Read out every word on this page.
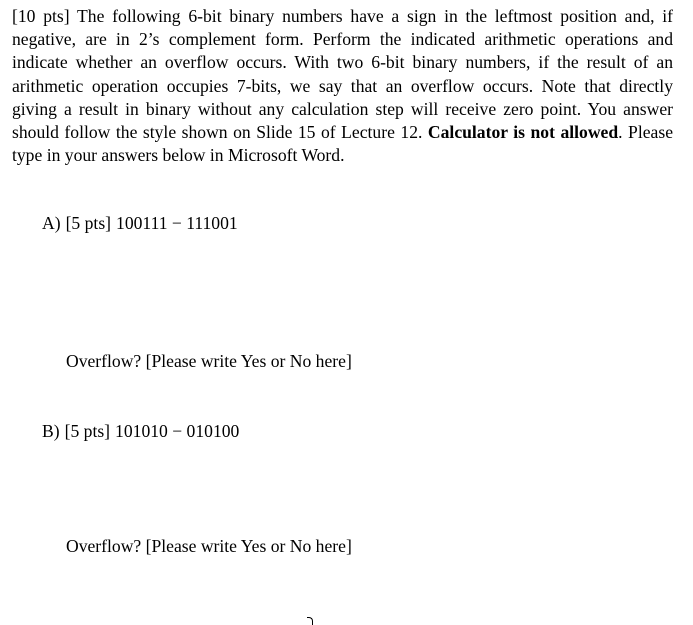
[10 pts] The following 6-bit binary numbers have a sign in the leftmost position and, if negative, are in 2’s complement form. Perform the indicated arithmetic operations and indicate whether an overflow occurs. With two 6-bit binary numbers, if the result of an arithmetic operation occupies 7-bits, we say that an overflow occurs. Note that directly giving a result in binary without any calculation step will receive zero point. You answer should follow the style shown on Slide 15 of Lecture 12. Calculator is not allowed. Please type in your answers below in Microsoft Word.

A) [5 pts] 100111 − 111001

Overflow? [Please write Yes or No here]

B) [5 pts] 101010 − 010100

Overflow? [Please write Yes or No here]
